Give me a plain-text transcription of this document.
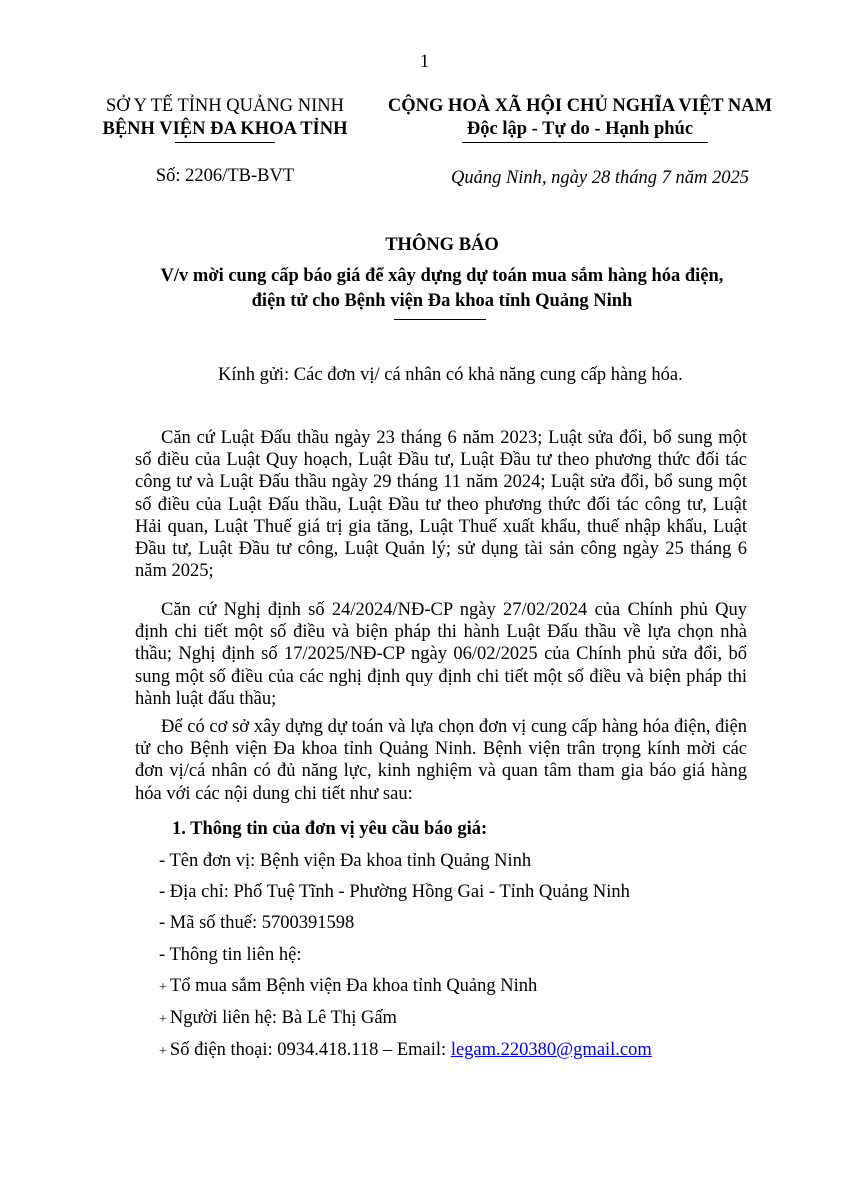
1
SỞ Y TẾ TỈNH QUẢNG NINH
BỆNH VIỆN ĐA KHOA TỈNH
Số: 2206/TB-BVT
CỘNG HOÀ XÃ HỘI CHỦ NGHĨA VIỆT NAM
Độc lập - Tự do - Hạnh phúc
Quảng Ninh, ngày 28 tháng 7 năm 2025
THÔNG BÁO
V/v mời cung cấp báo giá để xây dựng dự toán mua sắm hàng hóa điện,
điện tử cho Bệnh viện Đa khoa tỉnh Quảng Ninh
Kính gửi: Các đơn vị/ cá nhân có khả năng cung cấp hàng hóa.
Căn cứ Luật Đấu thầu ngày 23 tháng 6 năm 2023; Luật sửa đổi, bổ sung một số điều của Luật Quy hoạch, Luật Đầu tư, Luật Đầu tư theo phương thức đối tác công tư và Luật Đấu thầu ngày 29 tháng 11 năm 2024; Luật sửa đổi, bổ sung một số điều của Luật Đấu thầu, Luật Đầu tư theo phương thức đối tác công tư, Luật Hải quan, Luật Thuế giá trị gia tăng, Luật Thuế xuất khẩu, thuế nhập khẩu, Luật Đầu tư, Luật Đầu tư công, Luật Quản lý; sử dụng tài sản công ngày 25 tháng 6 năm 2025;
Căn cứ Nghị định số 24/2024/NĐ-CP ngày 27/02/2024 của Chính phủ Quy định chi tiết một số điều và biện pháp thi hành Luật Đấu thầu về lựa chọn nhà thầu; Nghị định số 17/2025/NĐ-CP ngày 06/02/2025 của Chính phủ sửa đổi, bổ sung một số điều của các nghị định quy định chi tiết một số điều và biện pháp thi hành luật đấu thầu;
Để có cơ sở xây dựng dự toán và lựa chọn đơn vị cung cấp hàng hóa điện, điện tử cho Bệnh viện Đa khoa tỉnh Quảng Ninh. Bệnh viện trân trọng kính mời các đơn vị/cá nhân có đủ năng lực, kinh nghiệm và quan tâm tham gia báo giá hàng hóa với các nội dung chi tiết như sau:
1. Thông tin của đơn vị yêu cầu báo giá:
- Tên đơn vị: Bệnh viện Đa khoa tỉnh Quảng Ninh
- Địa chỉ: Phố Tuệ Tĩnh - Phường Hồng Gai - Tỉnh Quảng Ninh
- Mã số thuế: 5700391598
- Thông tin liên hệ:
+ Tổ mua sắm Bệnh viện Đa khoa tỉnh Quảng Ninh
+ Người liên hệ: Bà Lê Thị Gấm
+ Số điện thoại: 0934.418.118 – Email: legam.220380@gmail.com
